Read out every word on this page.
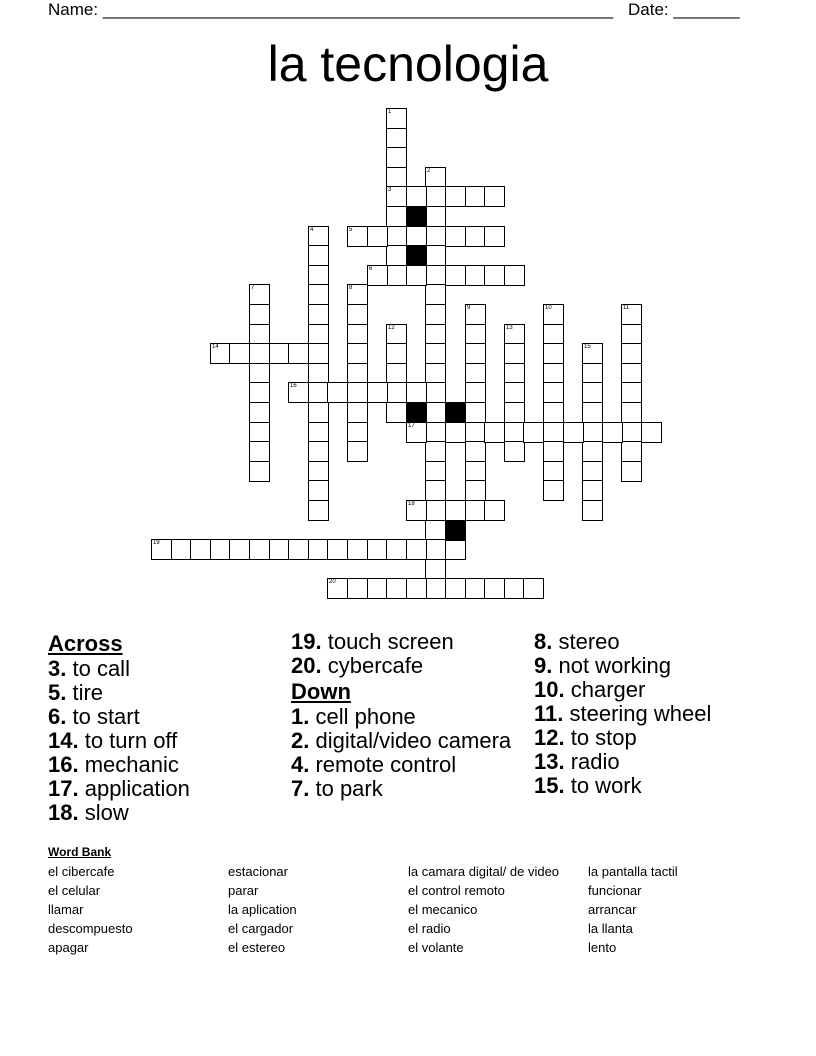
Name: ______________________________________________________ Date: _______
la tecnologia
1
3
2
4	5
6
7	8
9	10	11
12	13
14	15
16
17
18
19
20
Across
3. to call
5. tire
6. to start
14. to turn off
16. mechanic
17. application
18. slow
19. touch screen
20. cybercafe
Down
1. cell phone
2. digital/video camera
4. remote control
7. to park
8. stereo
9. not working
10. charger
11. steering wheel
12. to stop
13. radio
15. to work
Word Bank
el cibercafe
el celular
llamar
descompuesto
apagar
estacionar
parar
la aplication
el cargador
el estereo
la camara digital/ de video
el control remoto
el mecanico
el radio
el volante
la pantalla tactil
funcionar
arrancar
la llanta
lento
